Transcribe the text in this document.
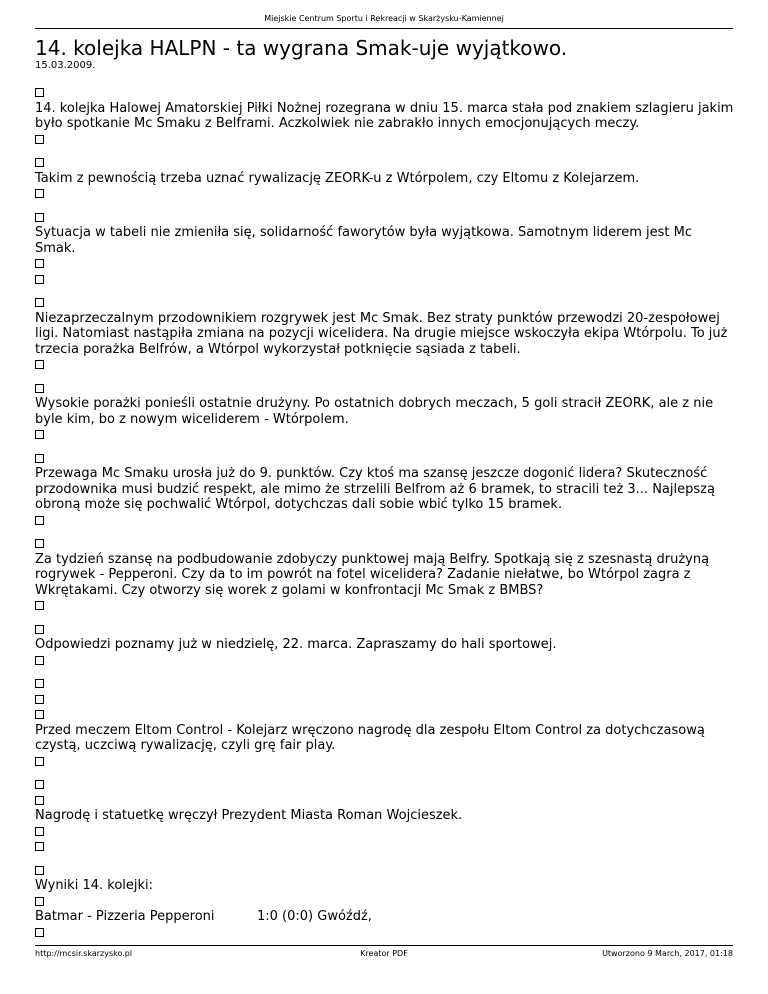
Miejskie Centrum Sportu i Rekreacji w Skarżysku-Kamiennej
14. kolejka HALPN - ta wygrana Smak-uje wyjątkowo.
15.03.2009.
14. kolejka Halowej Amatorskiej Piłki Nożnej rozegrana w dniu 15. marca stała pod znakiem szlagieru jakim było spotkanie Mc Smaku z Belframi. Aczkolwiek nie zabrakło innych emocjonujących meczy.
Takim z pewnością trzeba uznać rywalizację ZEORK-u z Wtórpolem, czy Eltomu z Kolejarzem.
Sytuacja w tabeli nie zmieniła się, solidarność faworytów była wyjątkowa. Samotnym liderem jest Mc Smak.
Niezaprzeczalnym przodownikiem rozgrywek jest Mc Smak. Bez straty punktów przewodzi 20-zespołowej ligi. Natomiast nastąpiła zmiana na pozycji wicelidera. Na drugie miejsce wskoczyła ekipa Wtórpolu. To już trzecia porażka Belfrów, a Wtórpol wykorzystał potknięcie sąsiada z tabeli.
Wysokie porażki ponieśli ostatnie drużyny. Po ostatnich dobrych meczach, 5 goli stracił ZEORK, ale z nie byle kim, bo z nowym wiceliderem - Wtórpolem.
Przewaga Mc Smaku urosła już do 9. punktów. Czy ktoś ma szansę jeszcze dogonić lidera? Skuteczność przodownika musi budzić respekt, ale mimo że strzelili Belfrom aż 6 bramek, to stracili też 3... Najlepszą obroną może się pochwalić Wtórpol, dotychczas dali sobie wbić tylko 15 bramek.
Za tydzień szansę na podbudowanie zdobyczy punktowej mają Belfry. Spotkają się z szesnastą drużyną rogrywek - Pepperoni. Czy da to im powrót na fotel wicelidera? Zadanie niełatwe, bo Wtórpol zagra z Wkrętakami. Czy otworzy się worek z golami w konfrontacji Mc Smak z BMBS?
Odpowiedzi poznamy już w niedzielę, 22. marca. Zapraszamy do hali sportowej.
Przed meczem Eltom Control - Kolejarz wręczono nagrodę dla zespołu Eltom Control za dotychczasową czystą, uczciwą rywalizację, czyli grę fair play.
Nagrodę i statuetkę wręczył Prezydent Miasta Roman Wojcieszek.
Wyniki 14. kolejki:
Batmar - Pizzeria Pepperoni	1:0 (0:0) Gwóźdź,
http://mcsir.skarzysko.pl	Kreator PDF	Utworzono 9 March, 2017, 01:18
